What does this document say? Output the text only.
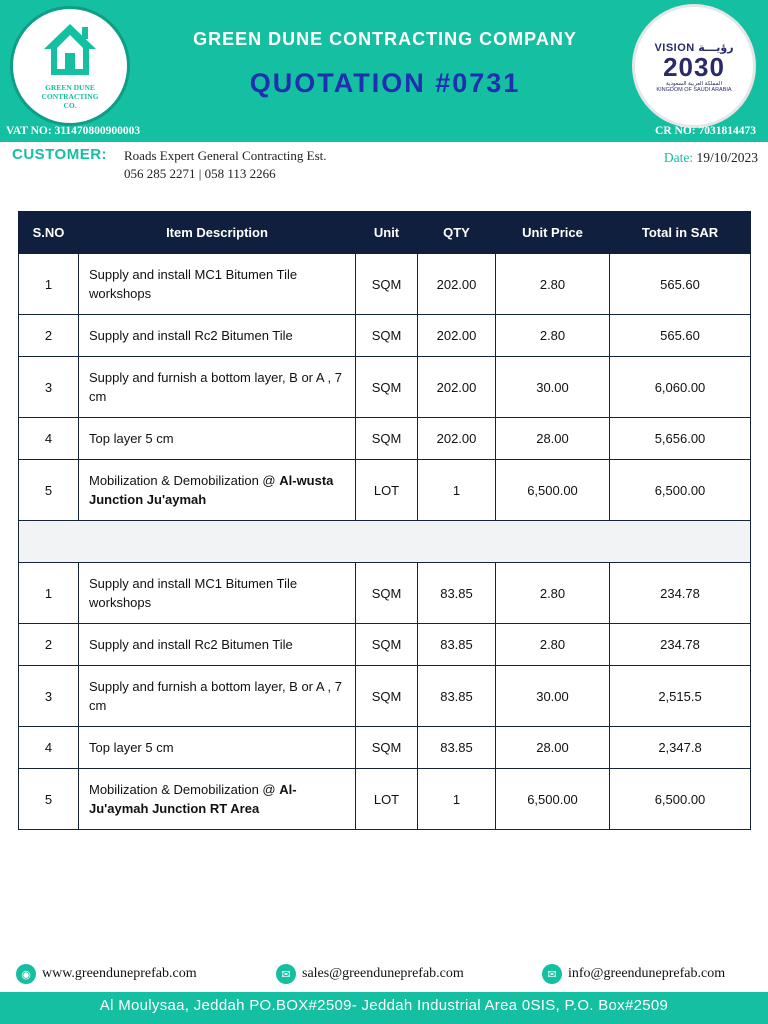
GREEN DUNE
CONTRACTING
CO.
GREEN DUNE CONTRACTING COMPANY
QUOTATION #0731
VISION رؤيـــة
2030
المملكة العربية السعودية
KINGDOM OF SAUDI ARABIA
VAT NO: 311470800900003	CR NO: 7031814473
CUSTOMER: Roads Expert General Contracting Est.
056 285 2271 | 058 113 2266
Date: 19/10/2023
S.NO	Item Description	Unit	QTY	Unit Price	Total in SAR
1	Supply and install MC1 Bitumen Tile workshops	SQM	202.00	2.80	565.60
2	Supply and install Rc2 Bitumen Tile	SQM	202.00	2.80	565.60
3	Supply and furnish a bottom layer, B or A , 7 cm	SQM	202.00	30.00	6,060.00
4	Top layer 5 cm	SQM	202.00	28.00	5,656.00
5	Mobilization & Demobilization @ Al-wusta Junction Ju'aymah	LOT	1	6,500.00	6,500.00

1	Supply and install MC1 Bitumen Tile workshops	SQM	83.85	2.80	234.78
2	Supply and install Rc2 Bitumen Tile	SQM	83.85	2.80	234.78
3	Supply and furnish a bottom layer, B or A , 7 cm	SQM	83.85	30.00	2,515.5
4	Top layer 5 cm	SQM	83.85	28.00	2,347.8
5	Mobilization & Demobilization @ Al-Ju'aymah Junction RT Area	LOT	1	6,500.00	6,500.00
◉ www.greenduneprefab.com	✉ sales@greenduneprefab.com	✉ info@greenduneprefab.com
Al Moulysaa, Jeddah PO.BOX#2509- Jeddah Industrial Area 0SIS, P.O. Box#2509
